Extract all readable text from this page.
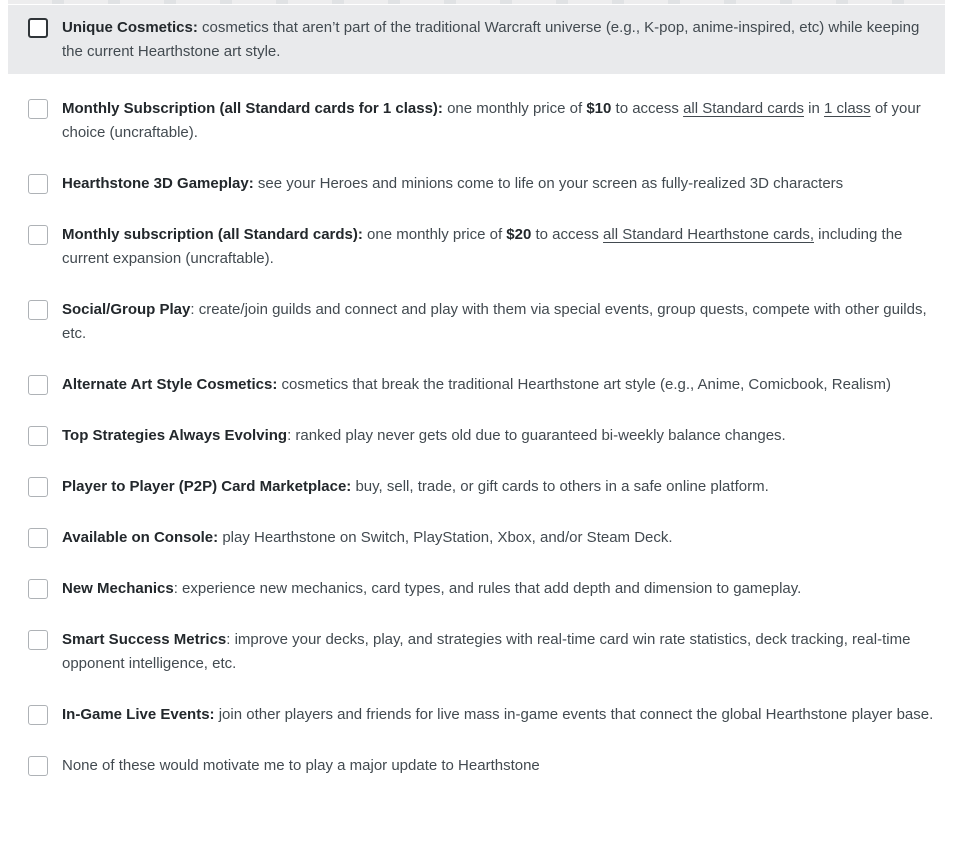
Unique Cosmetics: cosmetics that aren’t part of the traditional Warcraft universe (e.g., K-pop, anime-inspired, etc) while keeping the current Hearthstone art style.
Monthly Subscription (all Standard cards for 1 class): one monthly price of $10 to access all Standard cards in 1 class of your choice (uncraftable).
Hearthstone 3D Gameplay: see your Heroes and minions come to life on your screen as fully-realized 3D characters
Monthly subscription (all Standard cards): one monthly price of $20 to access all Standard Hearthstone cards, including the current expansion (uncraftable).
Social/Group Play: create/join guilds and connect and play with them via special events, group quests, compete with other guilds, etc.
Alternate Art Style Cosmetics: cosmetics that break the traditional Hearthstone art style (e.g., Anime, Comicbook, Realism)
Top Strategies Always Evolving: ranked play never gets old due to guaranteed bi-weekly balance changes.
Player to Player (P2P) Card Marketplace: buy, sell, trade, or gift cards to others in a safe online platform.
Available on Console: play Hearthstone on Switch, PlayStation, Xbox, and/or Steam Deck.
New Mechanics: experience new mechanics, card types, and rules that add depth and dimension to gameplay.
Smart Success Metrics: improve your decks, play, and strategies with real-time card win rate statistics, deck tracking, real-time opponent intelligence, etc.
In-Game Live Events: join other players and friends for live mass in-game events that connect the global Hearthstone player base.
None of these would motivate me to play a major update to Hearthstone
